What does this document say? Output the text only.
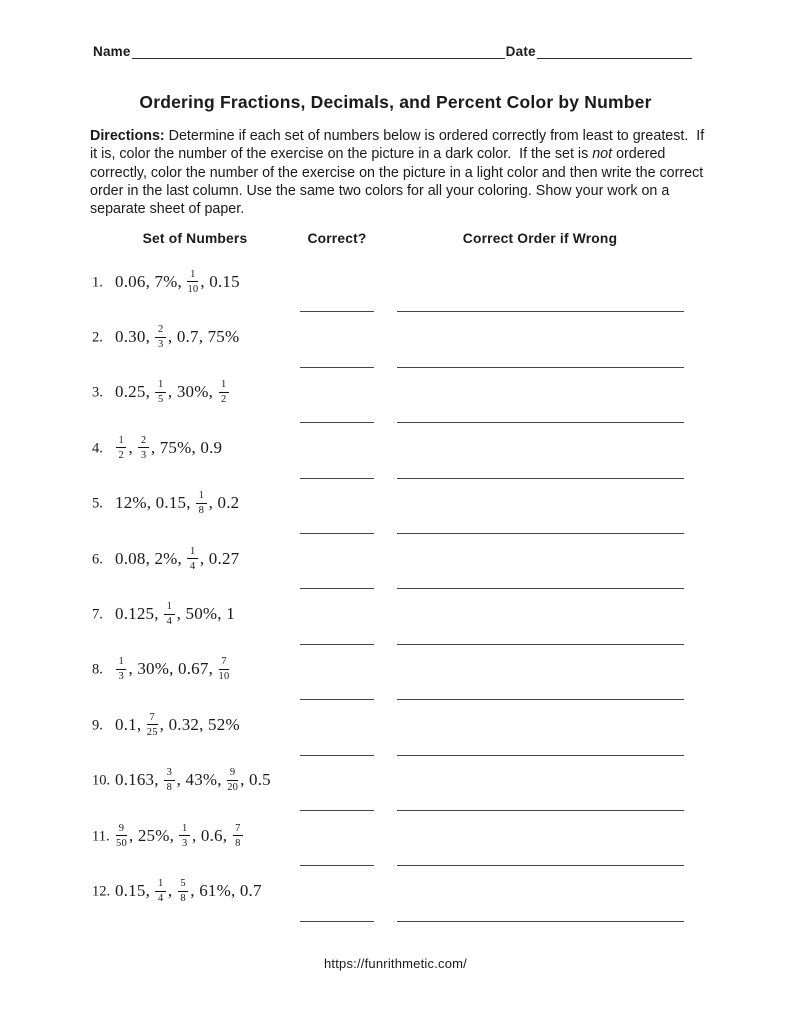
Name	Date
Ordering Fractions, Decimals, and Percent Color by Number
Directions: Determine if each set of numbers below is ordered correctly from least to greatest.  If it is, color the number of the exercise on the picture in a dark color.  If the set is not ordered correctly, color the number of the exercise on the picture in a light color and then write the correct order in the last column. Use the same two colors for all your coloring. Show your work on a separate sheet of paper.
Set of Numbers	Correct?	Correct Order if Wrong
1. 0.06, 7%, $\frac{1}{10}$ , 0.15
2. 0.30, $\frac{2}{3}$ , 0.7, 75%
3. 0.25, $\frac{1}{5}$ , 30%, $\frac{1}{2}$
4. $\frac{1}{2}$ , $\frac{2}{3}$ , 75%, 0.9
5. 12%, 0.15, $\frac{1}{8}$ , 0.2
6. 0.08, 2%, $\frac{1}{4}$ , 0.27
7. 0.125, $\frac{1}{4}$ , 50%, 1
8. $\frac{1}{3}$ , 30%, 0.67, $\frac{7}{10}$
9. 0.1, $\frac{7}{25}$ , 0.32, 52%
10. 0.163, $\frac{3}{8}$ , 43%, $\frac{9}{20}$ , 0.5
11. $\frac{9}{50}$ , 25%, $\frac{1}{3}$ , 0.6, $\frac{7}{8}$
12. 0.15, $\frac{1}{4}$ , $\frac{5}{8}$ , 61%, 0.7
https://funrithmetic.com/
